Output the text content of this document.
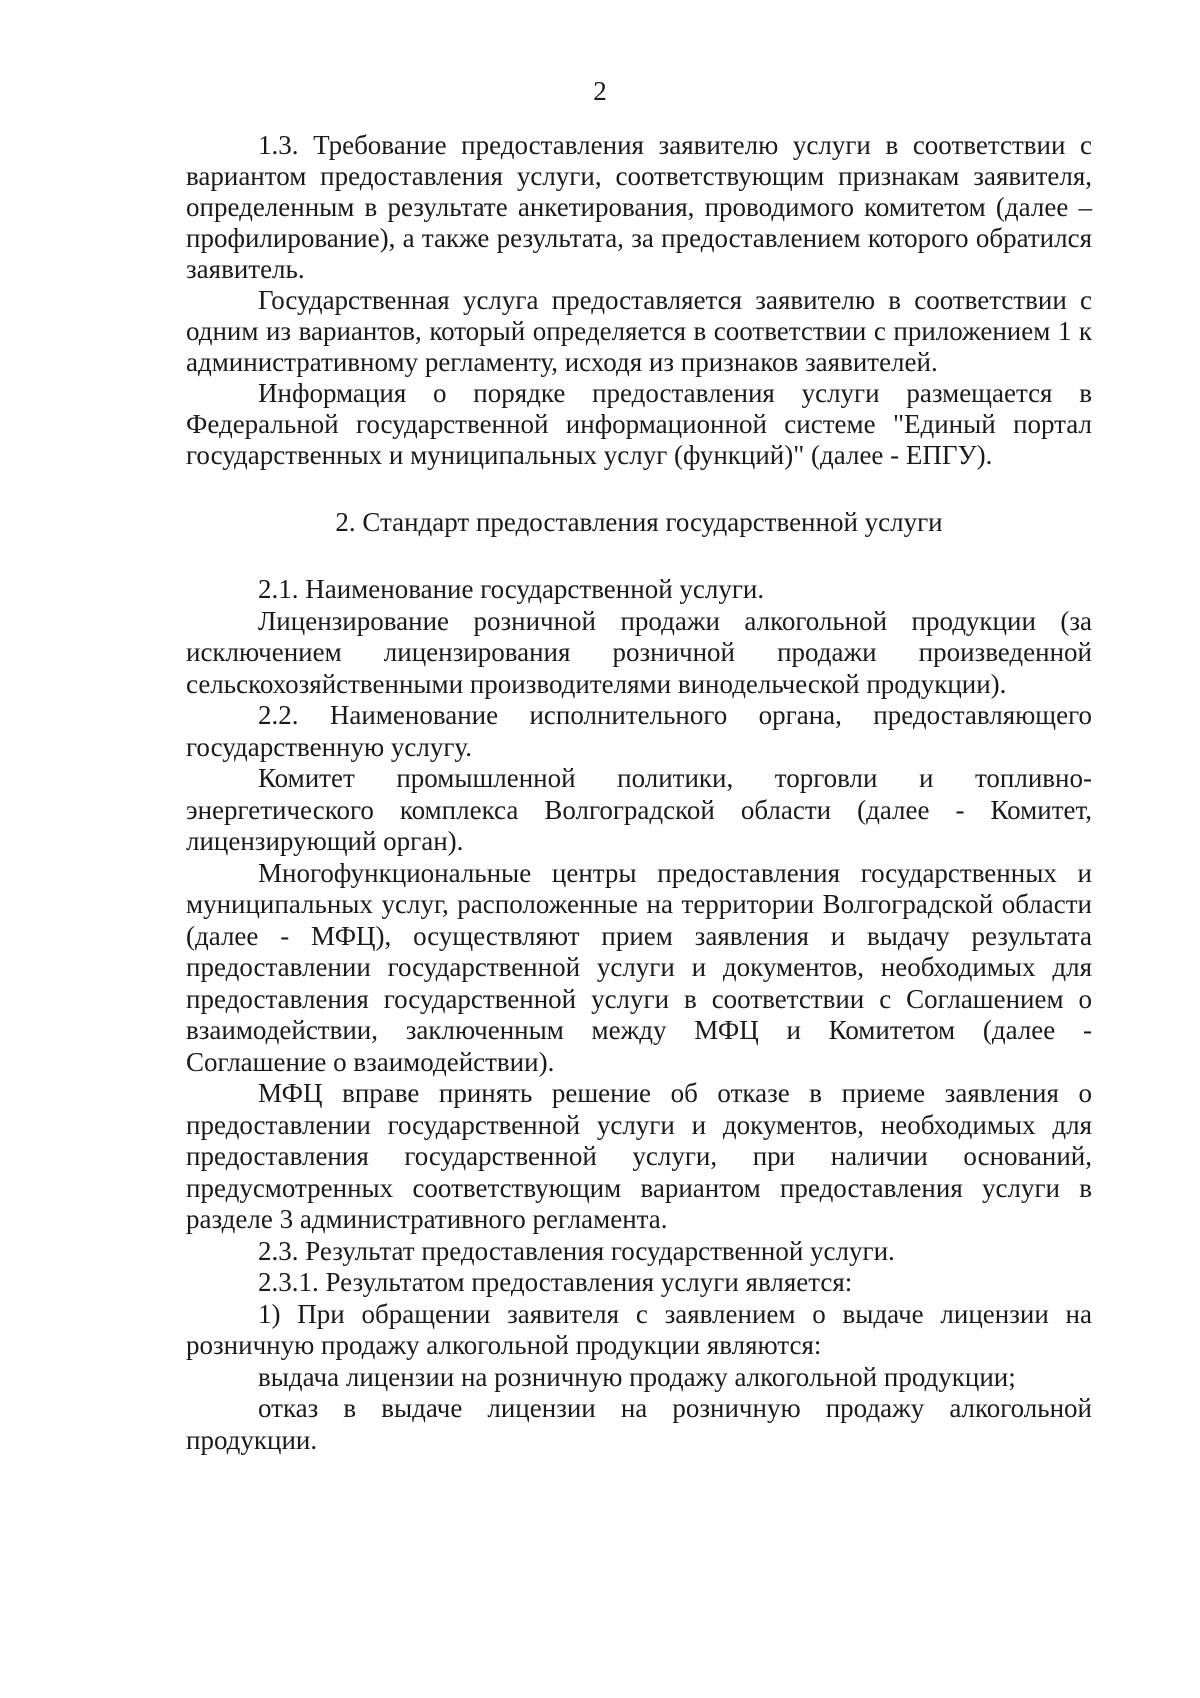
2

1.3. Требование предоставления заявителю услуги в соответствии с вариантом предоставления услуги, соответствующим признакам заявителя, определенным в результате анкетирования, проводимого комитетом (далее – профилирование), а также результата, за предоставлением которого обратился заявитель.

Государственная услуга предоставляется заявителю в соответствии с одним из вариантов, который определяется в соответствии с приложением 1 к административному регламенту, исходя из признаков заявителей.

Информация о порядке предоставления услуги размещается в Федеральной государственной информационной системе "Единый портал государственных и муниципальных услуг (функций)" (далее - ЕПГУ).

2. Стандарт предоставления государственной услуги

2.1. Наименование государственной услуги.

Лицензирование розничной продажи алкогольной продукции (за исключением лицензирования розничной продажи произведенной сельскохозяйственными производителями винодельческой продукции).

2.2. Наименование исполнительного органа, предоставляющего государственную услугу.

Комитет промышленной политики, торговли и топливно-энергетического комплекса Волгоградской области (далее - Комитет, лицензирующий орган).

Многофункциональные центры предоставления государственных и муниципальных услуг, расположенные на территории Волгоградской области (далее - МФЦ), осуществляют прием заявления и выдачу результата предоставлении государственной услуги и документов, необходимых для предоставления государственной услуги в соответствии с Соглашением о взаимодействии, заключенным между МФЦ и Комитетом (далее - Соглашение о взаимодействии).

МФЦ вправе принять решение об отказе в приеме заявления о предоставлении государственной услуги и документов, необходимых для предоставления государственной услуги, при наличии оснований, предусмотренных соответствующим вариантом предоставления услуги в разделе 3 административного регламента.

2.3. Результат предоставления государственной услуги.

2.3.1. Результатом предоставления услуги является:

1) При обращении заявителя с заявлением о выдаче лицензии на розничную продажу алкогольной продукции являются:

выдача лицензии на розничную продажу алкогольной продукции;

отказ в выдаче лицензии на розничную продажу алкогольной продукции.
